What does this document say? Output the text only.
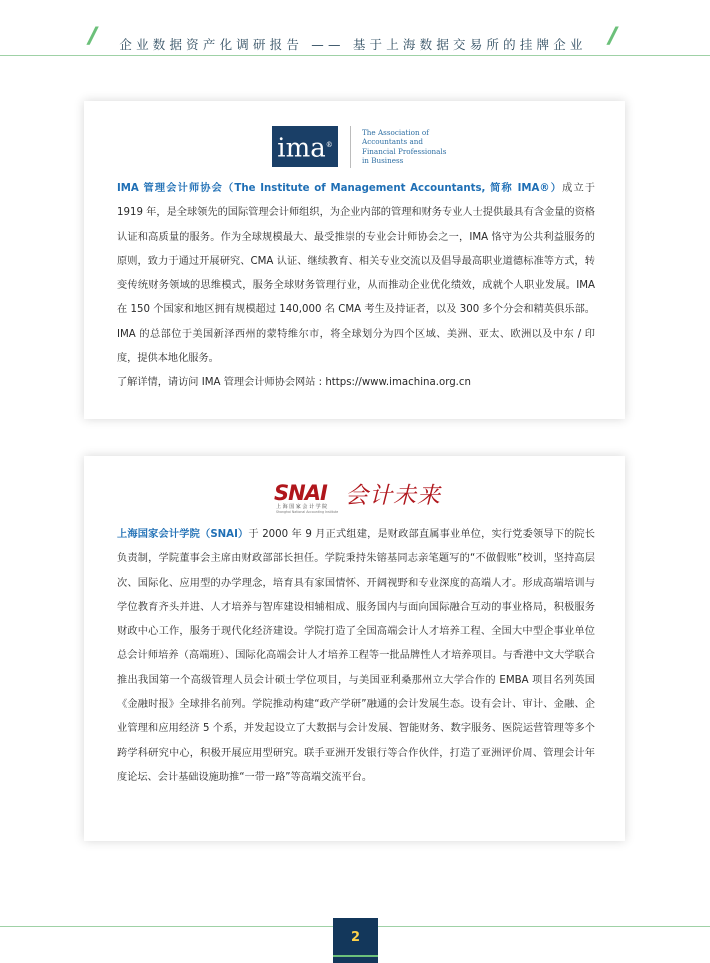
//	企业数据资产化调研报告 —— 基于上海数据交易所的挂牌企业 //
ima®
The Association of
Accountants and
Financial Professionals
in Business

IMA 管理会计师协会（The Institute of Management Accountants, 简称 IMA®）成立于 1919 年，是全球领先的国际管理会计师组织，为企业内部的管理和财务专业人士提供最具有含金量的资格认证和高质量的服务。作为全球规模最大、最受推崇的专业会计师协会之一，IMA 恪守为公共利益服务的原则，致力于通过开展研究、CMA 认证、继续教育、相关专业交流以及倡导最高职业道德标准等方式，转变传统财务领域的思维模式，服务全球财务管理行业，从而推动企业优化绩效，成就个人职业发展。IMA 在 150 个国家和地区拥有规模超过 140,000 名 CMA 考生及持证者，以及 300 多个分会和精英俱乐部。IMA 的总部位于美国新泽西州的蒙特维尔市，将全球划分为四个区域、美洲、亚太、欧洲以及中东 / 印度，提供本地化服务。
了解详情，请访问 IMA 管理会计师协会网站 : https://www.imachina.org.cn

SNAI
上海国家会计学院
Shanghai National Accounting Institute
会计未来

上海国家会计学院（SNAI）于 2000 年 9 月正式组建，是财政部直属事业单位，实行党委领导下的院长负责制，学院董事会主席由财政部部长担任。学院秉持朱镕基同志亲笔题写的“不做假账”校训，坚持高层次、国际化、应用型的办学理念，培育具有家国情怀、开阔视野和专业深度的高端人才。形成高端培训与学位教育齐头并进、人才培养与智库建设相辅相成、服务国内与面向国际融合互动的事业格局，积极服务财政中心工作，服务于现代化经济建设。学院打造了全国高端会计人才培养工程、全国大中型企事业单位总会计师培养（高端班）、国际化高端会计人才培养工程等一批品牌性人才培养项目。与香港中文大学联合推出我国第一个高级管理人员会计硕士学位项目，与美国亚利桑那州立大学合作的 EMBA 项目名列英国《金融时报》全球排名前列。学院推动构建“政产学研”融通的会计发展生态。设有会计、审计、金融、企业管理和应用经济 5 个系，并发起设立了大数据与会计发展、智能财务、数字服务、医院运营管理等多个跨学科研究中心，积极开展应用型研究。联手亚洲开发银行等合作伙伴，打造了亚洲评价周、管理会计年度论坛、会计基础设施助推“一带一路”等高端交流平台。

2
